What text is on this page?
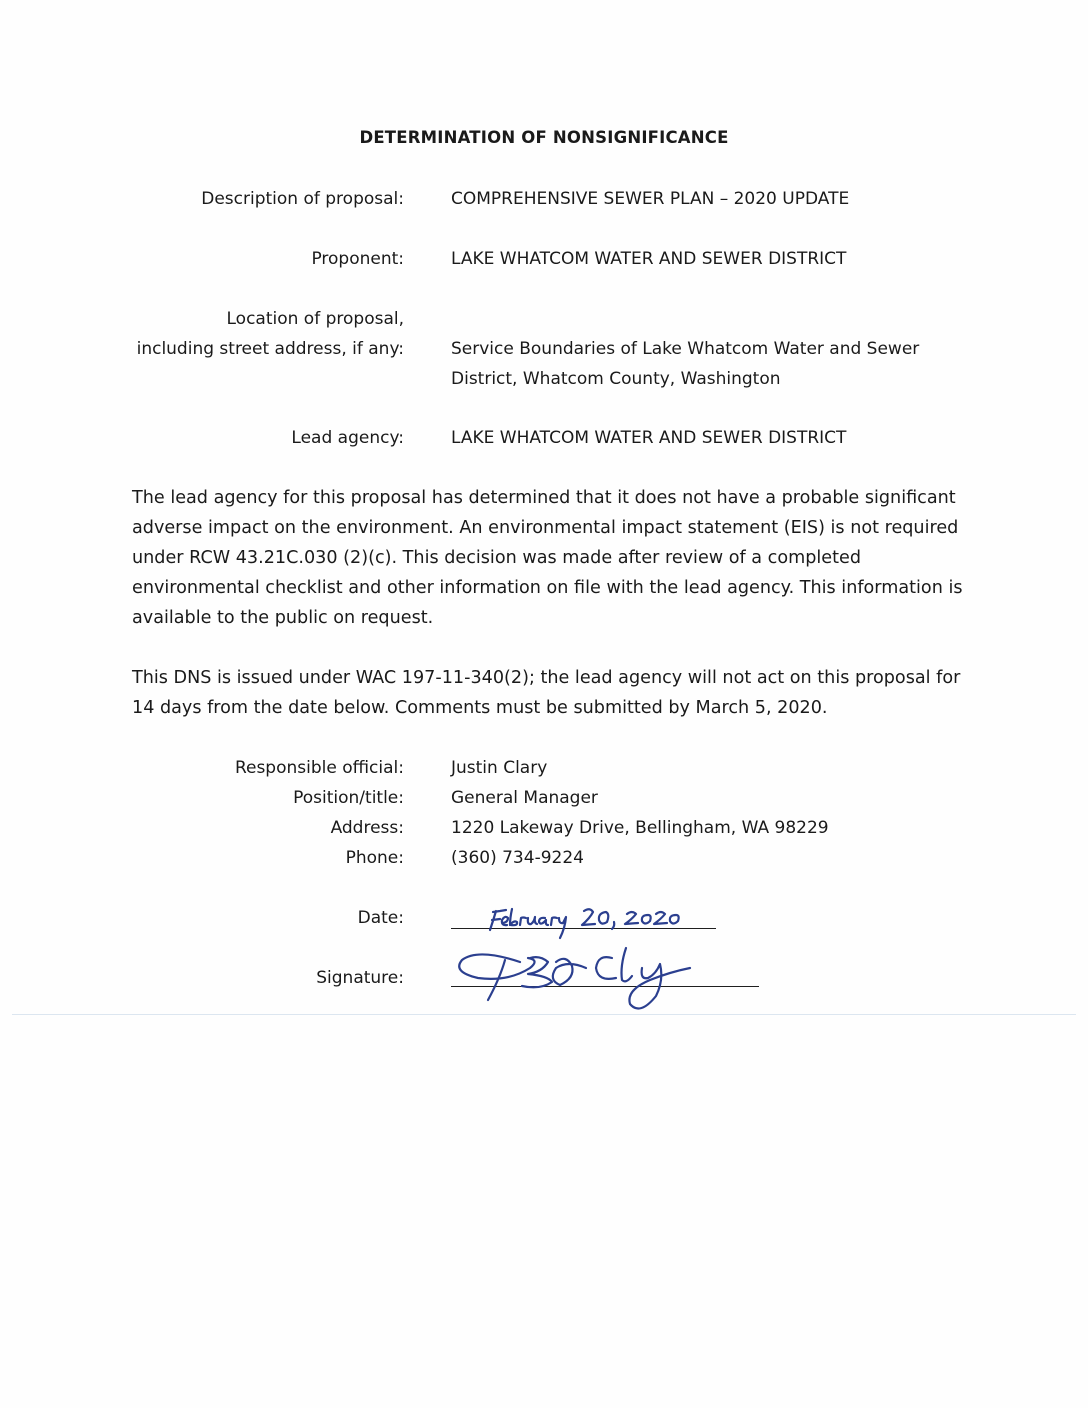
DETERMINATION OF NONSIGNIFICANCE
Description of proposal:	COMPREHENSIVE SEWER PLAN – 2020 UPDATE
Proponent:	LAKE WHATCOM WATER AND SEWER DISTRICT
Location of proposal,
including street address, if any:	Service Boundaries of Lake Whatcom Water and Sewer
District, Whatcom County, Washington
Lead agency:	LAKE WHATCOM WATER AND SEWER DISTRICT
The lead agency for this proposal has determined that it does not have a probable significant
adverse impact on the environment. An environmental impact statement (EIS) is not required
under RCW 43.21C.030 (2)(c). This decision was made after review of a completed
environmental checklist and other information on file with the lead agency. This information is
available to the public on request.
This DNS is issued under WAC 197-11-340(2); the lead agency will not act on this proposal for
14 days from the date below. Comments must be submitted by March 5, 2020.
Responsible official:	Justin Clary
Position/title:	General Manager
Address:	1220 Lakeway Drive, Bellingham, WA 98229
Phone:	(360) 734-9224
Date:
Signature:
